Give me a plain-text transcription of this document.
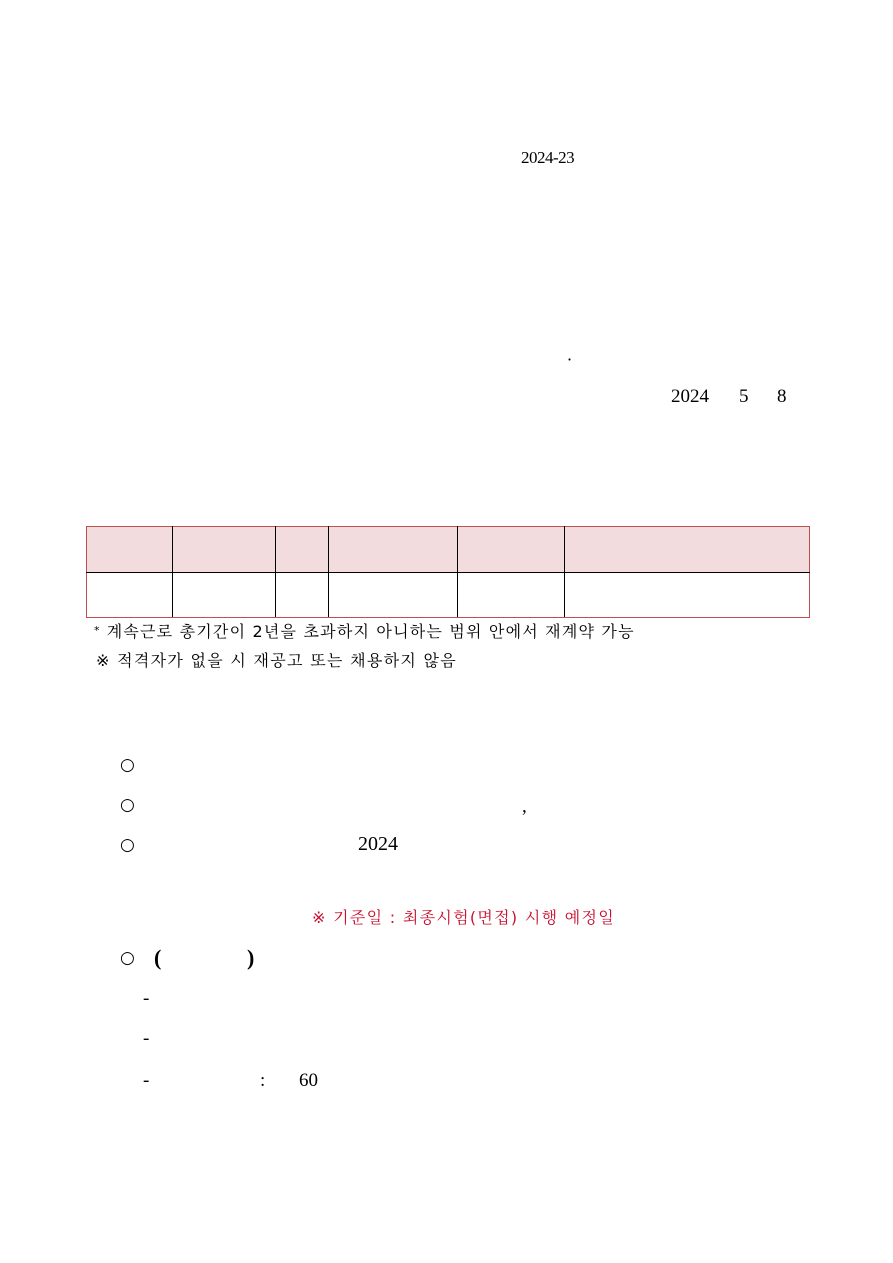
2024-23
·
2024 5 8

* 계속근로 총기간이 2년을 초과하지 아니하는 범위 안에서 재계약 가능
※ 적격자가 없을 시 재공고 또는 채용하지 않음
○
○	,
○	2024
※ 기준일 : 최종시험(면접) 시행 예정일
○ (	)
-
-
-	: 60
